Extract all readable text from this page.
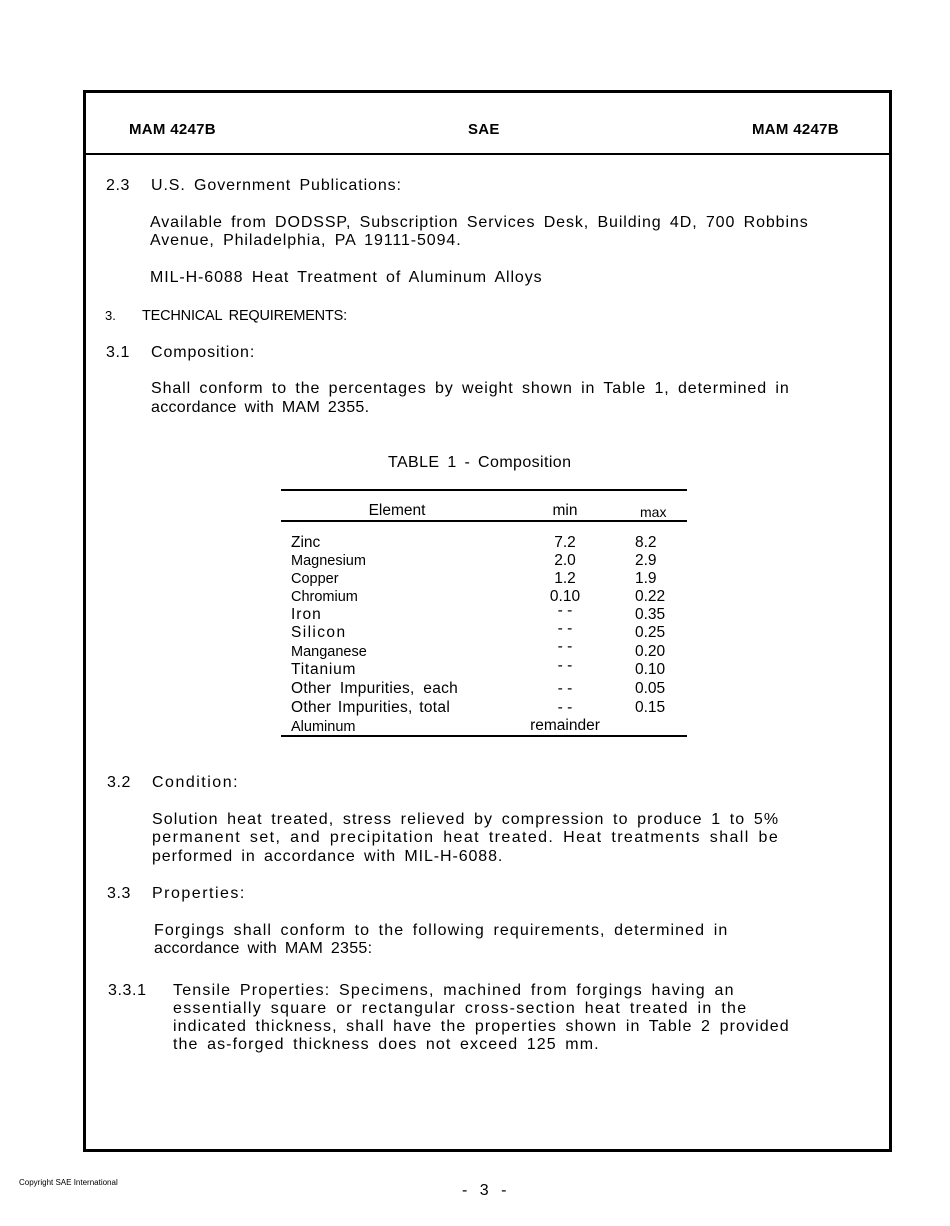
MAM 4247B	SAE	MAM 4247B
2.3 U.S. Government Publications:
Available from DODSSP, Subscription Services Desk, Building 4D, 700 Robbins
Avenue, Philadelphia, PA 19111-5094.
MIL-H-6088 Heat Treatment of Aluminum Alloys
3. TECHNICAL REQUIREMENTS:
3.1 Composition:
Shall conform to the percentages by weight shown in Table 1, determined in
accordance with MAM 2355.
TABLE 1 - Composition
Element	min	max
Zinc	7.2	8.2
Magnesium	2.0	2.9
Copper	1.2	1.9
Chromium	0.10	0.22
Iron	- -	0.35
Silicon	- -	0.25
Manganese	- -	0.20
Titanium	- -	0.10
Other Impurities, each	- -	0.05
Other Impurities, total	- -	0.15
Aluminum	remainder
3.2 Condition:
Solution heat treated, stress relieved by compression to produce 1 to 5%
permanent set, and precipitation heat treated. Heat treatments shall be
performed in accordance with MIL-H-6088.
3.3 Properties:
Forgings shall conform to the following requirements, determined in
accordance with MAM 2355:
3.3.1 Tensile Properties: Specimens, machined from forgings having an
essentially square or rectangular cross-section heat treated in the
indicated thickness, shall have the properties shown in Table 2 provided
the as-forged thickness does not exceed 125 mm.
Copyright SAE International	- 3 -
